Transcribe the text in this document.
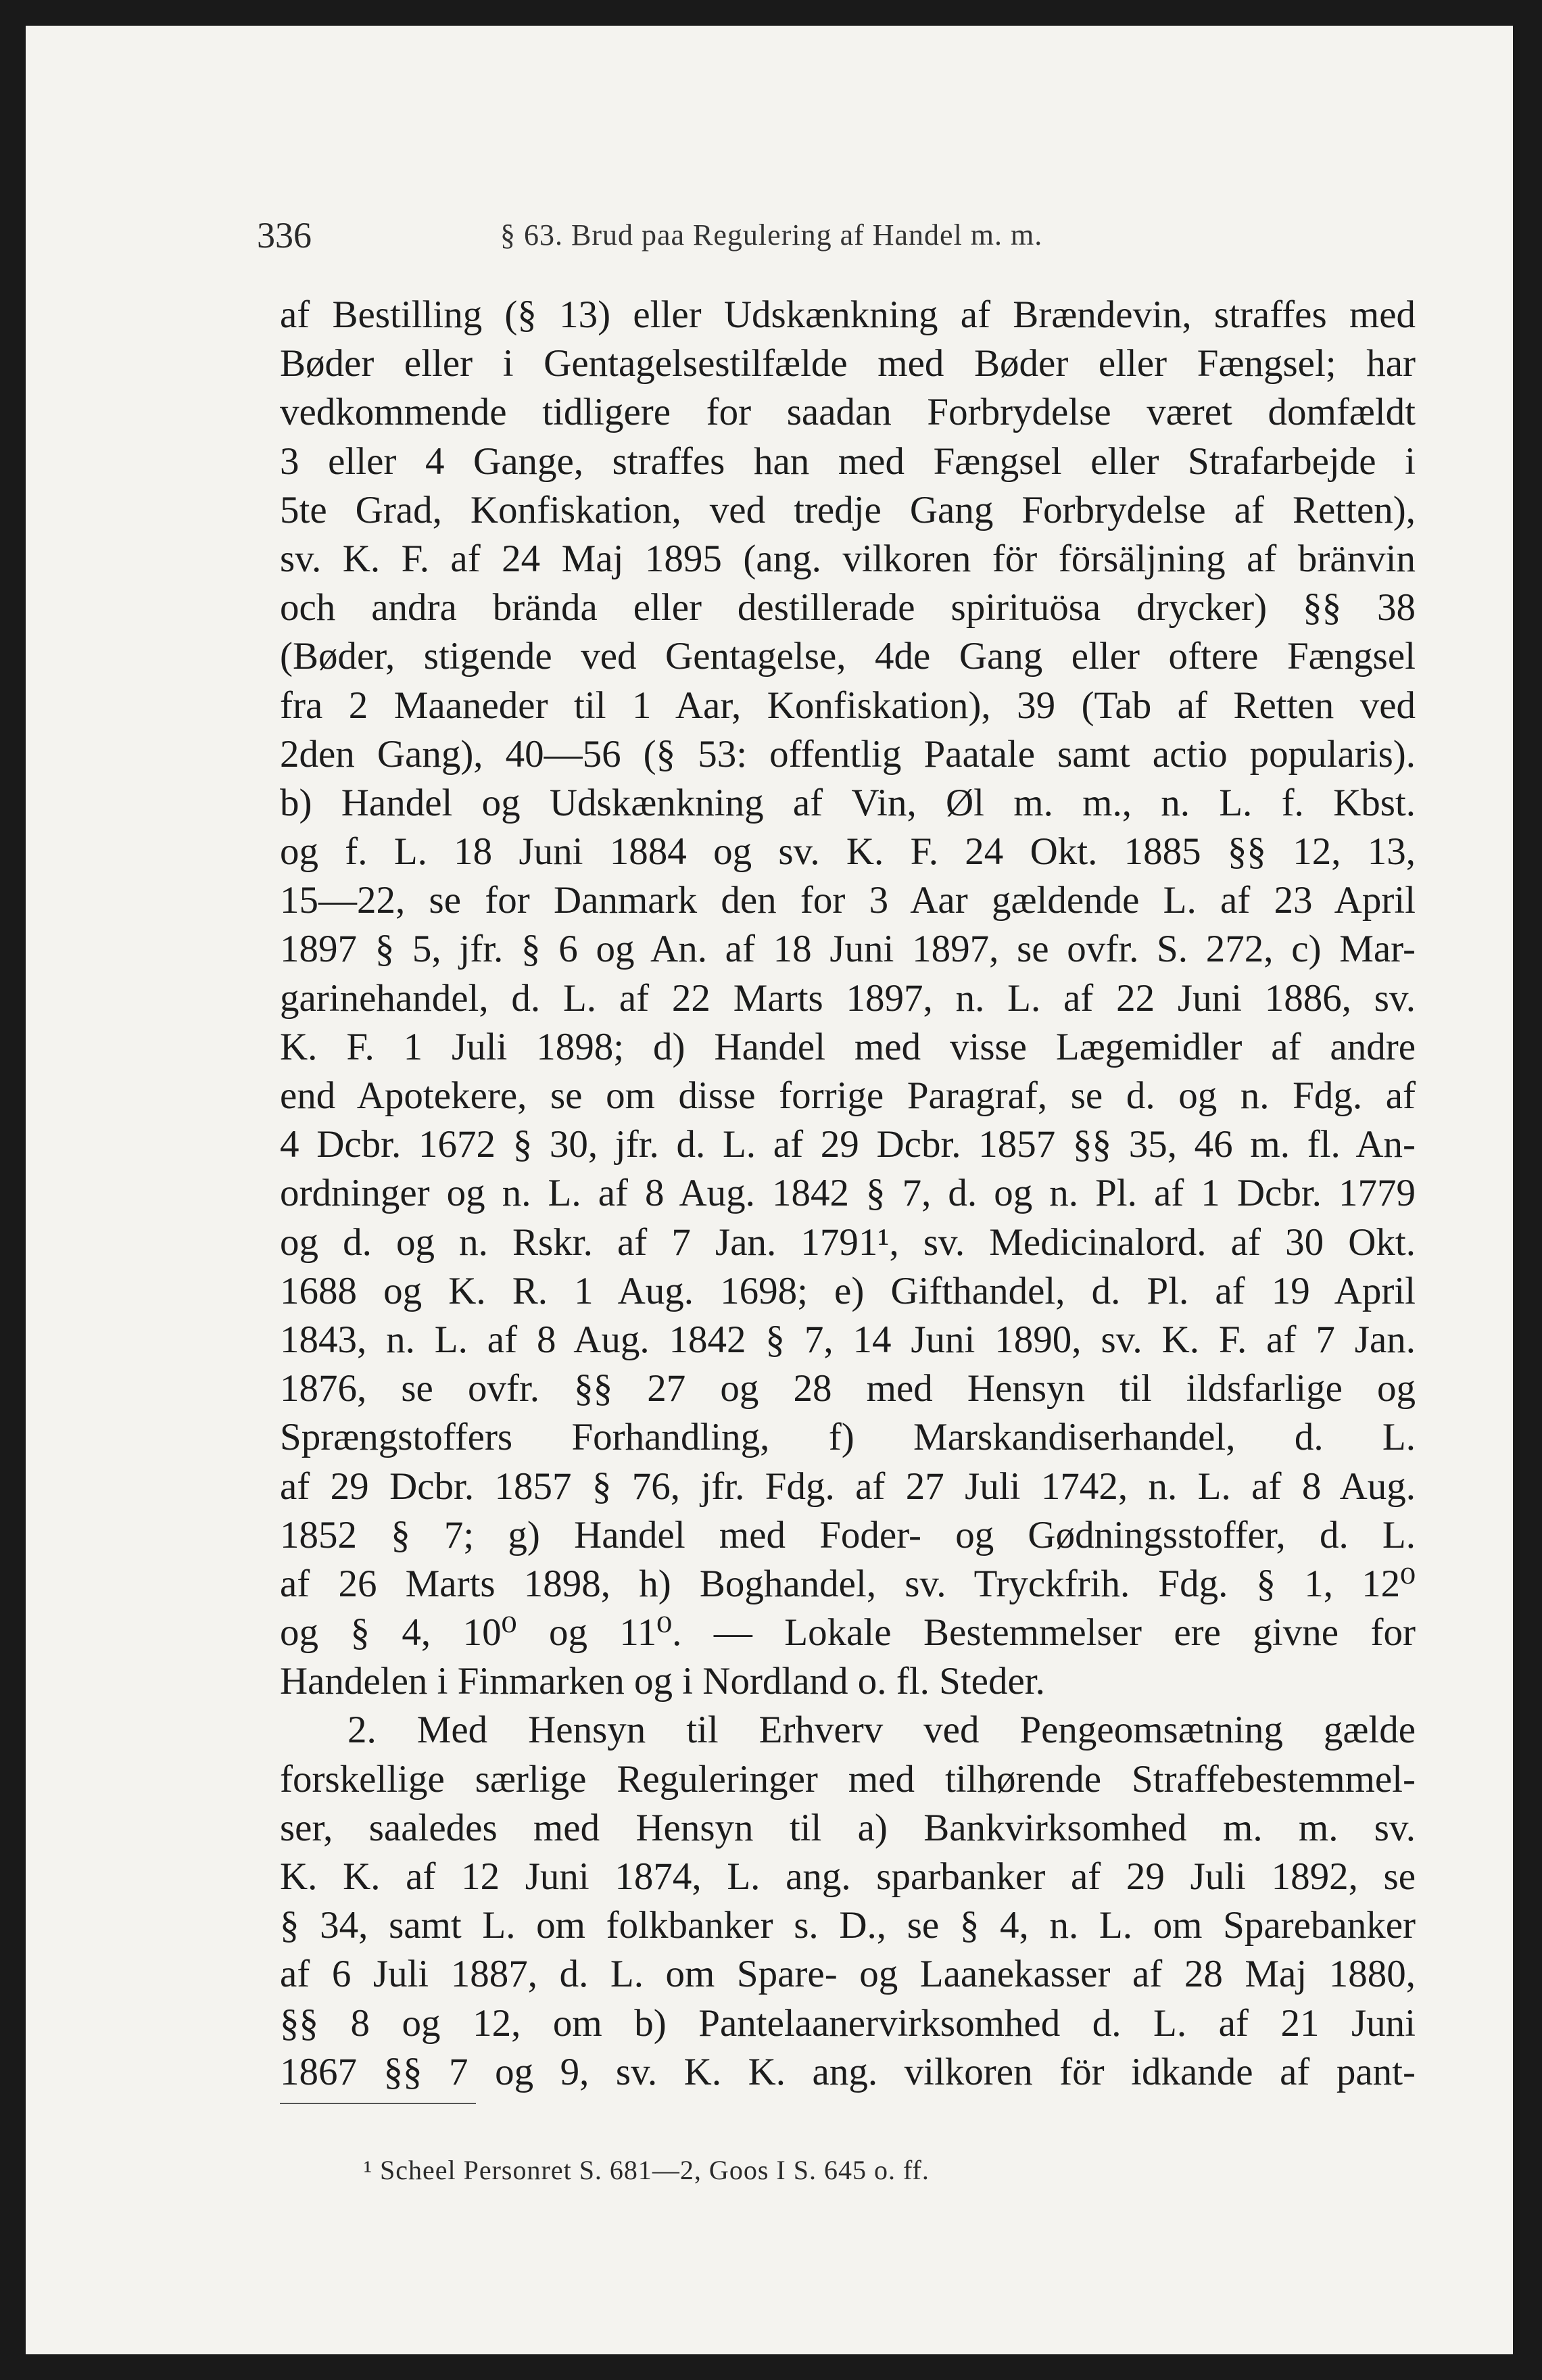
336	§ 63. Brud paa Regulering af Handel m. m.
af Bestilling (§ 13) eller Udskænkning af Brændevin, straffes med
Bøder eller i Gentagelsestilfælde med Bøder eller Fængsel; har
vedkommende tidligere for saadan Forbrydelse været domfældt
3 eller 4 Gange, straffes han med Fængsel eller Strafarbejde i
5te Grad, Konfiskation, ved tredje Gang Forbrydelse af Retten),
sv. K. F. af 24 Maj 1895 (ang. vilkoren för försäljning af bränvin
och andra brända eller destillerade spirituösa drycker) §§ 38
(Bøder, stigende ved Gentagelse, 4de Gang eller oftere Fængsel
fra 2 Maaneder til 1 Aar, Konfiskation), 39 (Tab af Retten ved
2den Gang), 40—56 (§ 53: offentlig Paatale samt actio popularis).
b) Handel og Udskænkning af Vin, Øl m. m., n. L. f. Kbst.
og f. L. 18 Juni 1884 og sv. K. F. 24 Okt. 1885 §§ 12, 13,
15—22, se for Danmark den for 3 Aar gældende L. af 23 April
1897 § 5, jfr. § 6 og An. af 18 Juni 1897, se ovfr. S. 272, c) Mar-
garinehandel, d. L. af 22 Marts 1897, n. L. af 22 Juni 1886, sv.
K. F. 1 Juli 1898; d) Handel med visse Lægemidler af andre
end Apotekere, se om disse forrige Paragraf, se d. og n. Fdg. af
4 Dcbr. 1672 § 30, jfr. d. L. af 29 Dcbr. 1857 §§ 35, 46 m. fl. An-
ordninger og n. L. af 8 Aug. 1842 § 7, d. og n. Pl. af 1 Dcbr. 1779
og d. og n. Rskr. af 7 Jan. 1791¹, sv. Medicinalord. af 30 Okt.
1688 og K. R. 1 Aug. 1698; e) Gifthandel, d. Pl. af 19 April
1843, n. L. af 8 Aug. 1842 § 7, 14 Juni 1890, sv. K. F. af 7 Jan.
1876, se ovfr. §§ 27 og 28 med Hensyn til ildsfarlige og
Sprængstoffers Forhandling, f) Marskandiserhandel, d. L.
af 29 Dcbr. 1857 § 76, jfr. Fdg. af 27 Juli 1742, n. L. af 8 Aug.
1852 § 7; g) Handel med Foder- og Gødningsstoffer, d. L.
af 26 Marts 1898, h) Boghandel, sv. Tryckfrih. Fdg. § 1, 12⁰
og § 4, 10⁰ og 11⁰. — Lokale Bestemmelser ere givne for
Handelen i Finmarken og i Nordland o. fl. Steder.
2. Med Hensyn til Erhverv ved Pengeomsætning gælde
forskellige særlige Reguleringer med tilhørende Straffebestemmel-
ser, saaledes med Hensyn til a) Bankvirksomhed m. m. sv.
K. K. af 12 Juni 1874, L. ang. sparbanker af 29 Juli 1892, se
§ 34, samt L. om folkbanker s. D., se § 4, n. L. om Sparebanker
af 6 Juli 1887, d. L. om Spare- og Laanekasser af 28 Maj 1880,
§§ 8 og 12, om b) Pantelaanervirksomhed d. L. af 21 Juni
1867 §§ 7 og 9, sv. K. K. ang. vilkoren för idkande af pant-
¹ Scheel Personret S. 681—2, Goos I S. 645 o. ff.
